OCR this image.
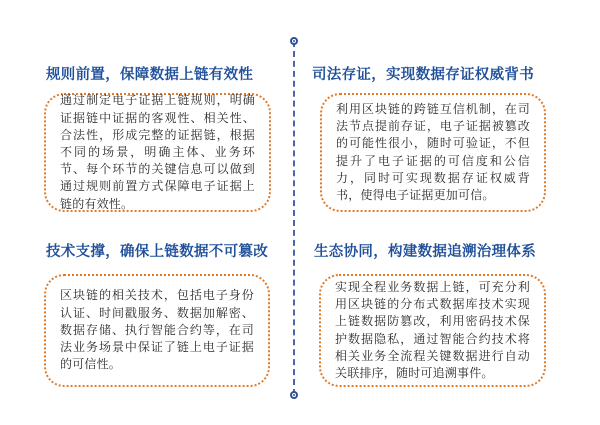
规则前置，保障数据上链有效性
通过制定电子证据上链规则，明确证据链中证据的客观性、相关性、合法性，形成完整的证据链，根据不同的场景，明确主体、业务环节、每个环节的关键信息可以做到通过规则前置方式保障电子证据上链的有效性。
司法存证，实现数据存证权威背书
利用区块链的跨链互信机制，在司法节点提前存证，电子证据被篡改的可能性很小，随时可验证，不但提升了电子证据的可信度和公信力，同时可实现数据存证权威背书，使得电子证据更加可信。
技术支撑，确保上链数据不可篡改
区块链的相关技术，包括电子身份认证、时间戳服务、数据加解密、数据存储、执行智能合约等，在司法业务场景中保证了链上电子证据的可信性。
生态协同，构建数据追溯治理体系
实现全程业务数据上链，可充分利用区块链的分布式数据库技术实现上链数据防篡改，利用密码技术保护数据隐私，通过智能合约技术将相关业务全流程关键数据进行自动关联排序，随时可追溯事件。
